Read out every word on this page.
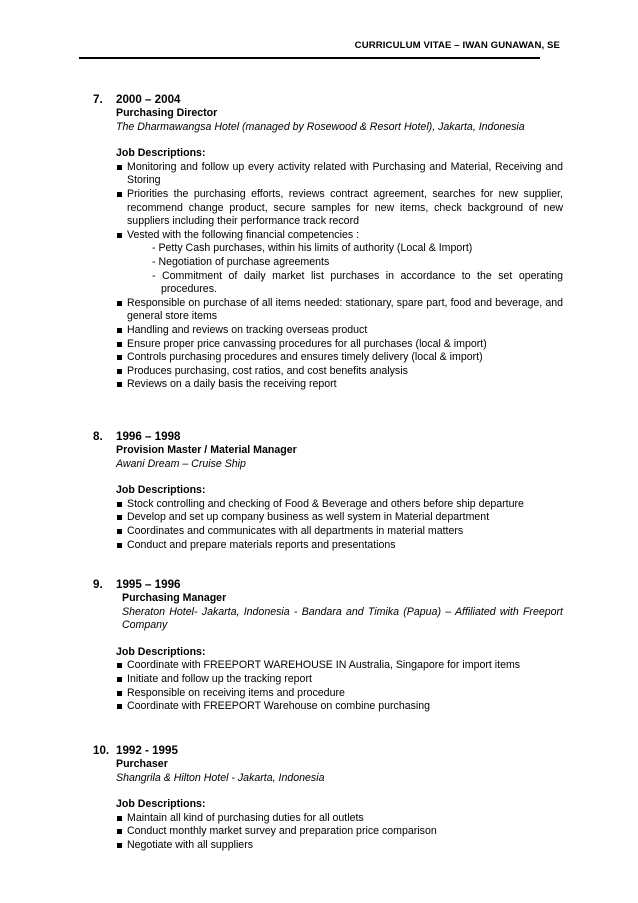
CURRICULUM VITAE – IWAN GUNAWAN, SE
7. 2000 – 2004
Purchasing Director
The Dharmawangsa Hotel (managed by Rosewood & Resort Hotel), Jakarta, Indonesia
Job Descriptions:
Monitoring and follow up every activity related with Purchasing and Material, Receiving and Storing
Priorities the purchasing efforts, reviews contract agreement, searches for new supplier, recommend change product, secure samples for new items, check background of new suppliers including their performance track record
Vested with the following financial competencies :
- Petty Cash purchases, within his limits of authority (Local & Import)
- Negotiation of purchase agreements
- Commitment of daily market list purchases in accordance to the set operating procedures.
Responsible on purchase of all items needed: stationary, spare part, food and beverage, and general store items
Handling and reviews on tracking overseas product
Ensure proper price canvassing procedures for all purchases (local & import)
Controls purchasing procedures and ensures timely delivery (local & import)
Produces purchasing, cost ratios, and cost benefits analysis
Reviews on a daily basis the receiving report
8. 1996 – 1998
Provision Master / Material Manager
Awani Dream – Cruise Ship
Job Descriptions:
Stock controlling and checking of Food & Beverage and others before ship departure
Develop and set up company business as well system in Material department
Coordinates and communicates with all departments in material matters
Conduct and prepare materials reports and presentations
9. 1995 – 1996
Purchasing Manager
Sheraton Hotel- Jakarta, Indonesia - Bandara and Timika (Papua) – Affiliated with Freeport Company
Job Descriptions:
Coordinate with FREEPORT WAREHOUSE IN Australia, Singapore for import items
Initiate and follow up the tracking report
Responsible on receiving items and procedure
Coordinate with FREEPORT Warehouse on combine purchasing
10. 1992 - 1995
Purchaser
Shangrila & Hilton Hotel - Jakarta, Indonesia
Job Descriptions:
Maintain all kind of purchasing duties for all outlets
Conduct monthly market survey and preparation price comparison
Negotiate with all suppliers
